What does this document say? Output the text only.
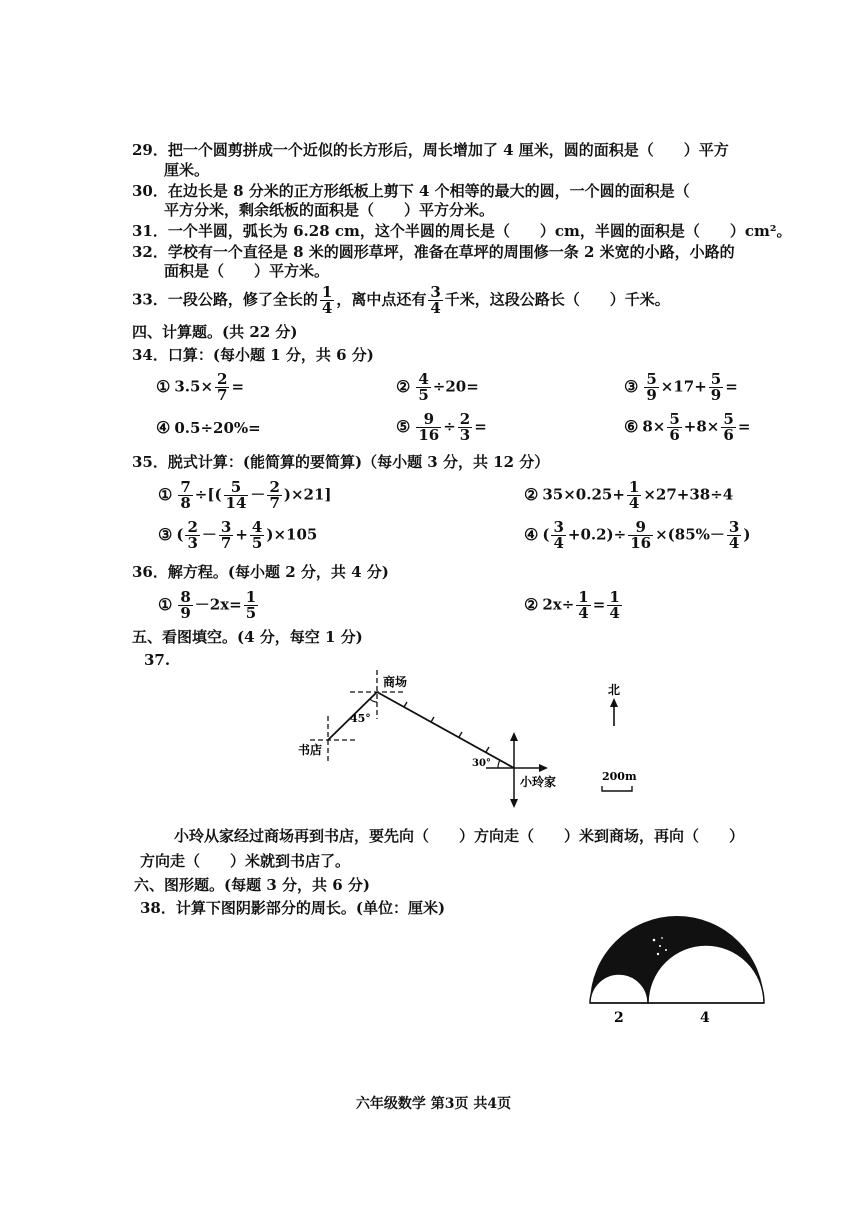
29．把一个圆剪拼成一个近似的长方形后，周长增加了 4 厘米，圆的面积是（　　）平方
厘米。
30．在边长是 8 分米的正方形纸板上剪下 4 个相等的最大的圆，一个圆的面积是（　　
平方分米，剩余纸板的面积是（　　）平方分米。
31．一个半圆，弧长为 6.28 cm，这个半圆的周长是（　　）cm，半圆的面积是（　　）cm²。
32．学校有一个直径是 8 米的圆形草坪，准备在草坪的周围修一条 2 米宽的小路，小路的
面积是（　　）平方米。
33．一段公路，修了全长的 $\frac{1}{4}$ ，离中点还有 $\frac{3}{4}$ 千米，这段公路长（　　）千米。
四、计算题。(共 22 分)
34．口算：(每小题 1 分，共 6 分)
① $3.5\times \frac{2}{7}$ =	② $\frac{4}{5} \div 20=$	③ $\frac{5}{9} \times 17+ \frac{5}{9}$ =
④ 0.5÷20%=	⑤ $\frac{9}{16} \div \frac{2}{3}$ =	⑥ $8\times \frac{5}{6} +8\times \frac{5}{6}$ =
35．脱式计算：(能简算的要简算)（每小题 3 分，共 12 分）
① $\frac{7}{8}$ ÷[( $\frac{5}{14} - \frac{2}{7} )\times 21$]	② $35\times 0.25+ \frac{1}{4} \times 27+38\div 4$
③ ( $\frac{2}{3} - \frac{3}{7} + \frac{4}{5} )\times 105$	④ ( $\frac{3}{4} +0.2)\div \frac{9}{16} \times(85\%- \frac{3}{4}$ )
36．解方程。(每小题 2 分，共 4 分)
① $\frac{8}{9} -2x= \frac{1}{5}$	② $2x\div \frac{1}{4} = \frac{1}{4}$
五、看图填空。(4 分，每空 1 分)
37.
商场
书店
小玲家
45°
30°
北
200m
小玲从家经过商场再到书店，要先向（　　）方向走（　　）米到商场，再向（　　）
方向走（　　）米就到书店了。
六、图形题。(每题 3 分，共 6 分)
38．计算下图阴影部分的周长。(单位：厘米)
2	4
六年级数学 第3页 共4页
